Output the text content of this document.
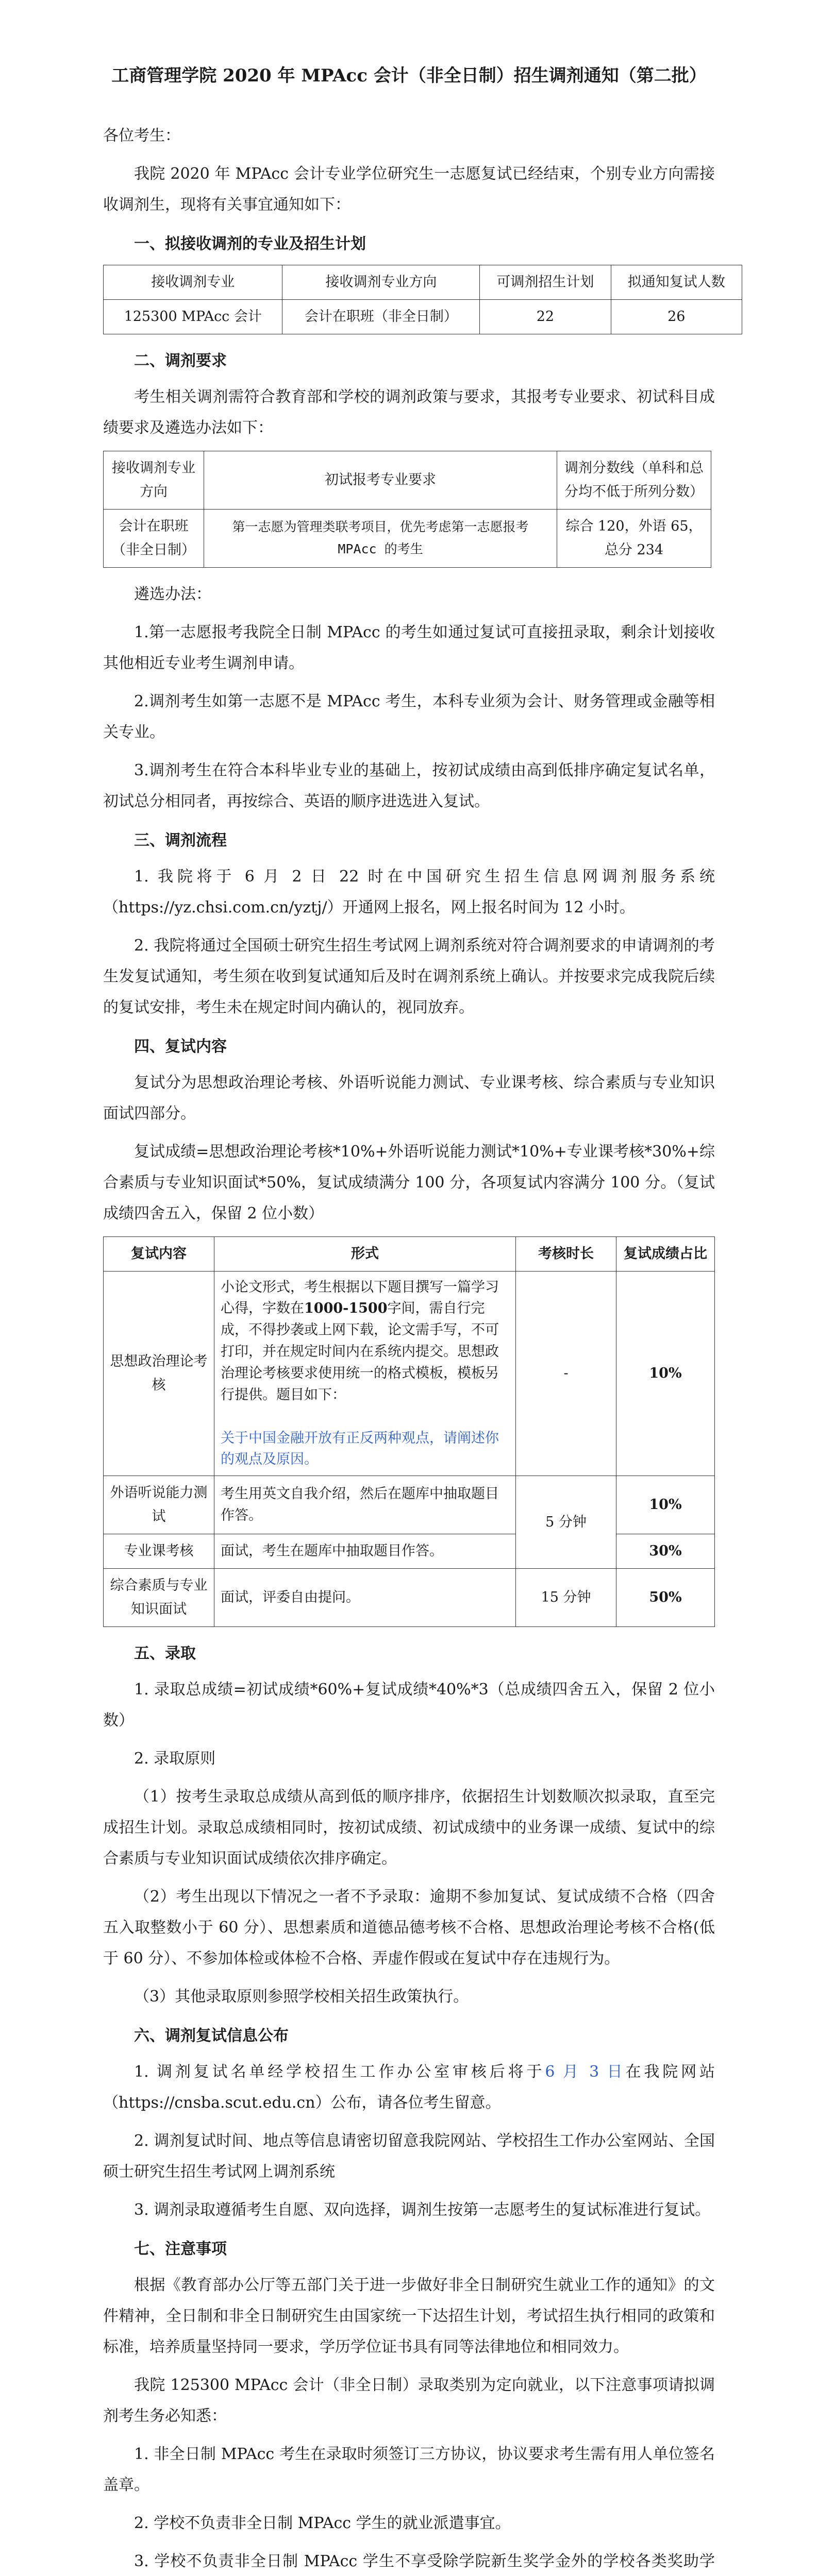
工商管理学院 2020 年 MPAcc 会计（非全日制）招生调剂通知（第二批）

各位考生：

我院 2020 年 MPAcc 会计专业学位研究生一志愿复试已经结束，个别专业方向需接收调剂生，现将有关事宜通知如下：

一、拟接收调剂的专业及招生计划
接收调剂专业	接收调剂专业方向	可调剂招生计划	拟通知复试人数
125300 MPAcc 会计	会计在职班（非全日制）	22	26
二、调剂要求

考生相关调剂需符合教育部和学校的调剂政策与要求，其报考专业要求、初试科目成绩要求及遴选办法如下：

接收调剂专业方向	初试报考专业要求	调剂分数线（单科和总分均不低于所列分数）
会计在职班（非全日制）	第一志愿为管理类联考项目，优先考虑第一志愿报考 MPAcc 的考生	综合 120，外语 65，总分 234

遴选办法：

1.第一志愿报考我院全日制 MPAcc 的考生如通过复试可直接扭录取，剩余计划接收其他相近专业考生调剂申请。

2.调剂考生如第一志愿不是 MPAcc 考生，本科专业须为会计、财务管理或金融等相关专业。

3.调剂考生在符合本科毕业专业的基础上，按初试成绩由高到低排序确定复试名单，初试总分相同者，再按综合、英语的顺序进选进入复试。

三、调剂流程

1. 我院将于 6 月 2 日 22 时在中国研究生招生信息网调剂服务系统（https://yz.chsi.com.cn/yztj/）开通网上报名，网上报名时间为 12 小时。

2. 我院将通过全国硕士研究生招生考试网上调剂系统对符合调剂要求的申请调剂的考生发复试通知，考生须在收到复试通知后及时在调剂系统上确认。并按要求完成我院后续的复试安排，考生未在规定时间内确认的，视同放弃。

四、复试内容

复试分为思想政治理论考核、外语听说能力测试、专业课考核、综合素质与专业知识面试四部分。

复试成绩=思想政治理论考核*10%+外语听说能力测试*10%+专业课考核*30%+综合素质与专业知识面试*50%，复试成绩满分 100 分，各项复试内容满分 100 分。（复试成绩四舍五入，保留 2 位小数）

复试内容	形式	考核时长	复试成绩占比
思想政治理论考核	小论文形式，考生根据以下题目撰写一篇学习心得，字数在1000-1500字间，需自行完成，不得抄袭或上网下载，论文需手写，不可打印，并在规定时间内在系统内提交。思想政治理论考核要求使用统一的格式模板，模板另行提供。题目如下：

关于中国金融开放有正反两种观点，请阐述你的观点及原因。	-	10%
外语听说能力测试	考生用英文自我介绍，然后在题库中抽取题目作答。	5 分钟	10%
专业课考核	面试，考生在题库中抽取题目作答。		30%
综合素质与专业知识面试	面试，评委自由提问。	15 分钟	50%
五、录取

1. 录取总成绩=初试成绩*60%+复试成绩*40%*3（总成绩四舍五入，保留 2 位小数）

2. 录取原则

（1）按考生录取总成绩从高到低的顺序排序，依据招生计划数顺次拟录取，直至完成招生计划。录取总成绩相同时，按初试成绩、初试成绩中的业务课一成绩、复试中的综合素质与专业知识面试成绩依次排序确定。

（2）考生出现以下情况之一者不予录取：逾期不参加复试、复试成绩不合格（四舍五入取整数小于 60 分）、思想素质和道德品德考核不合格、思想政治理论考核不合格(低于 60 分）、不参加体检或体检不合格、弄虚作假或在复试中存在违规行为。

（3）其他录取原则参照学校相关招生政策执行。

六、调剂复试信息公布

1. 调剂复试名单经学校招生工作办公室审核后将于6 月 3 日在我院网站（https://cnsba.scut.edu.cn）公布，请各位考生留意。

2. 调剂复试时间、地点等信息请密切留意我院网站、学校招生工作办公室网站、全国硕士研究生招生考试网上调剂系统

3. 调剂录取遵循考生自愿、双向选择，调剂生按第一志愿考生的复试标准进行复试。

七、注意事项

根据《教育部办公厅等五部门关于进一步做好非全日制研究生就业工作的通知》的文件精神，全日制和非全日制研究生由国家统一下达招生计划，考试招生执行相同的政策和标准，培养质量坚持同一要求，学历学位证书具有同等法律地位和相同效力。

我院 125300 MPAcc 会计（非全日制）录取类别为定向就业，以下注意事项请拟调剂考生务必知悉：

1. 非全日制 MPAcc 考生在录取时须签订三方协议，协议要求考生需有用人单位签名盖章。

2. 学校不负责非全日制 MPAcc 学生的就业派遣事宜。

3. 学校不负责非全日制 MPAcc 学生不享受除学院新生奖学金外的学校各类奖助学
